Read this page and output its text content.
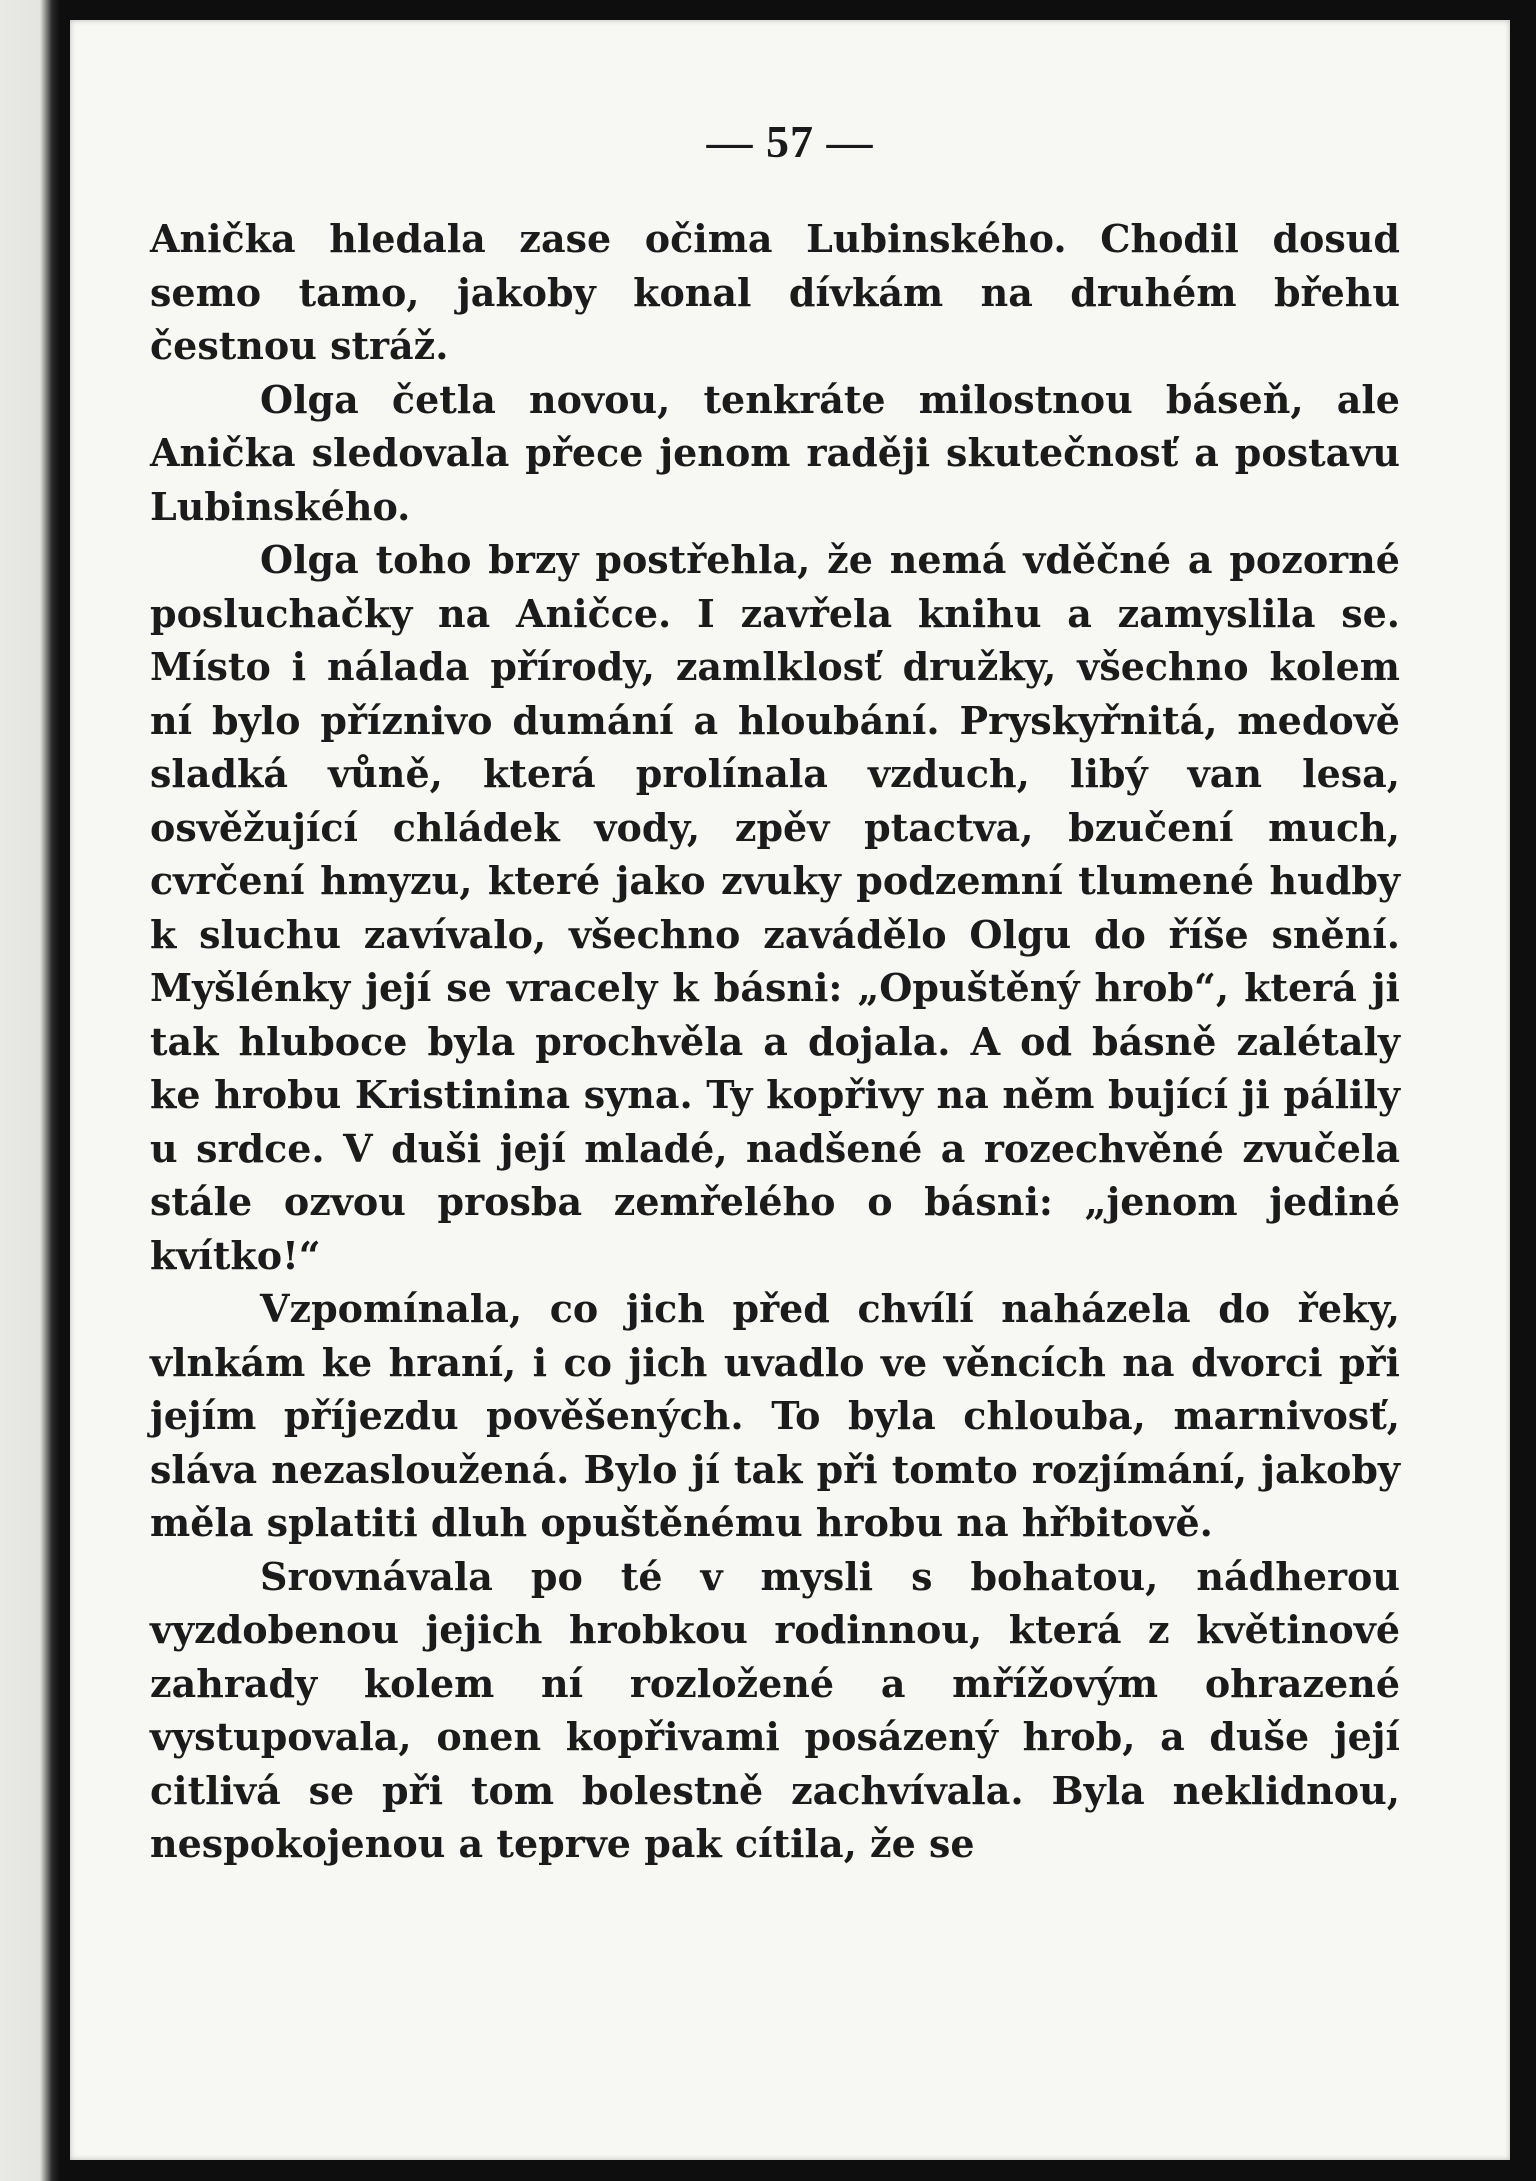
— 57 —

Anička hledala zase očima Lubinského. Chodil dosud semo tamo, jakoby konal dívkám na druhém břehu čestnou stráž.

Olga četla novou, tenkráte milostnou báseň, ale Anička sledovala přece jenom raději skutečnosť a postavu Lubinského.

Olga toho brzy postřehla, že nemá vděčné a pozorné posluchačky na Aničce. I zavřela knihu a zamyslila se. Místo i nálada přírody, zamlklosť družky, všechno kolem ní bylo příznivo dumání a hloubání. Pryskyřnitá, medově sladká vůně, která prolínala vzduch, libý van lesa, osvěžující chládek vody, zpěv ptactva, bzučení much, cvrčení hmyzu, které jako zvuky podzemní tlumené hudby k sluchu zavívalo, všechno zavádělo Olgu do říše snění. Myšlénky její se vracely k básni: „Opuštěný hrob“, která ji tak hluboce byla prochvěla a dojala. A od básně zalétaly ke hrobu Kristinina syna. Ty kopřivy na něm bující ji pálily u srdce. V duši její mladé, nadšené a rozechvěné zvučela stále ozvou prosba zemřelého o básni: „jenom jediné kvítko!“

Vzpomínala, co jich před chvílí naházela do řeky, vlnkám ke hraní, i co jich uvadlo ve věncích na dvorci při jejím příjezdu pověšených. To byla chlouba, marnivosť, sláva nezasloužená. Bylo jí tak při tomto rozjímání, jakoby měla splatiti dluh opuštěnému hrobu na hřbitově.

Srovnávala po té v mysli s bohatou, nádherou vyzdobenou jejich hrobkou rodinnou, která z květinové zahrady kolem ní rozložené a mřížovým ohrazené vystupovala, onen kopřivami posázený hrob, a duše její citlivá se při tom bolestně zachvívala. Byla neklidnou, nespokojenou a teprve pak cítila, že se
